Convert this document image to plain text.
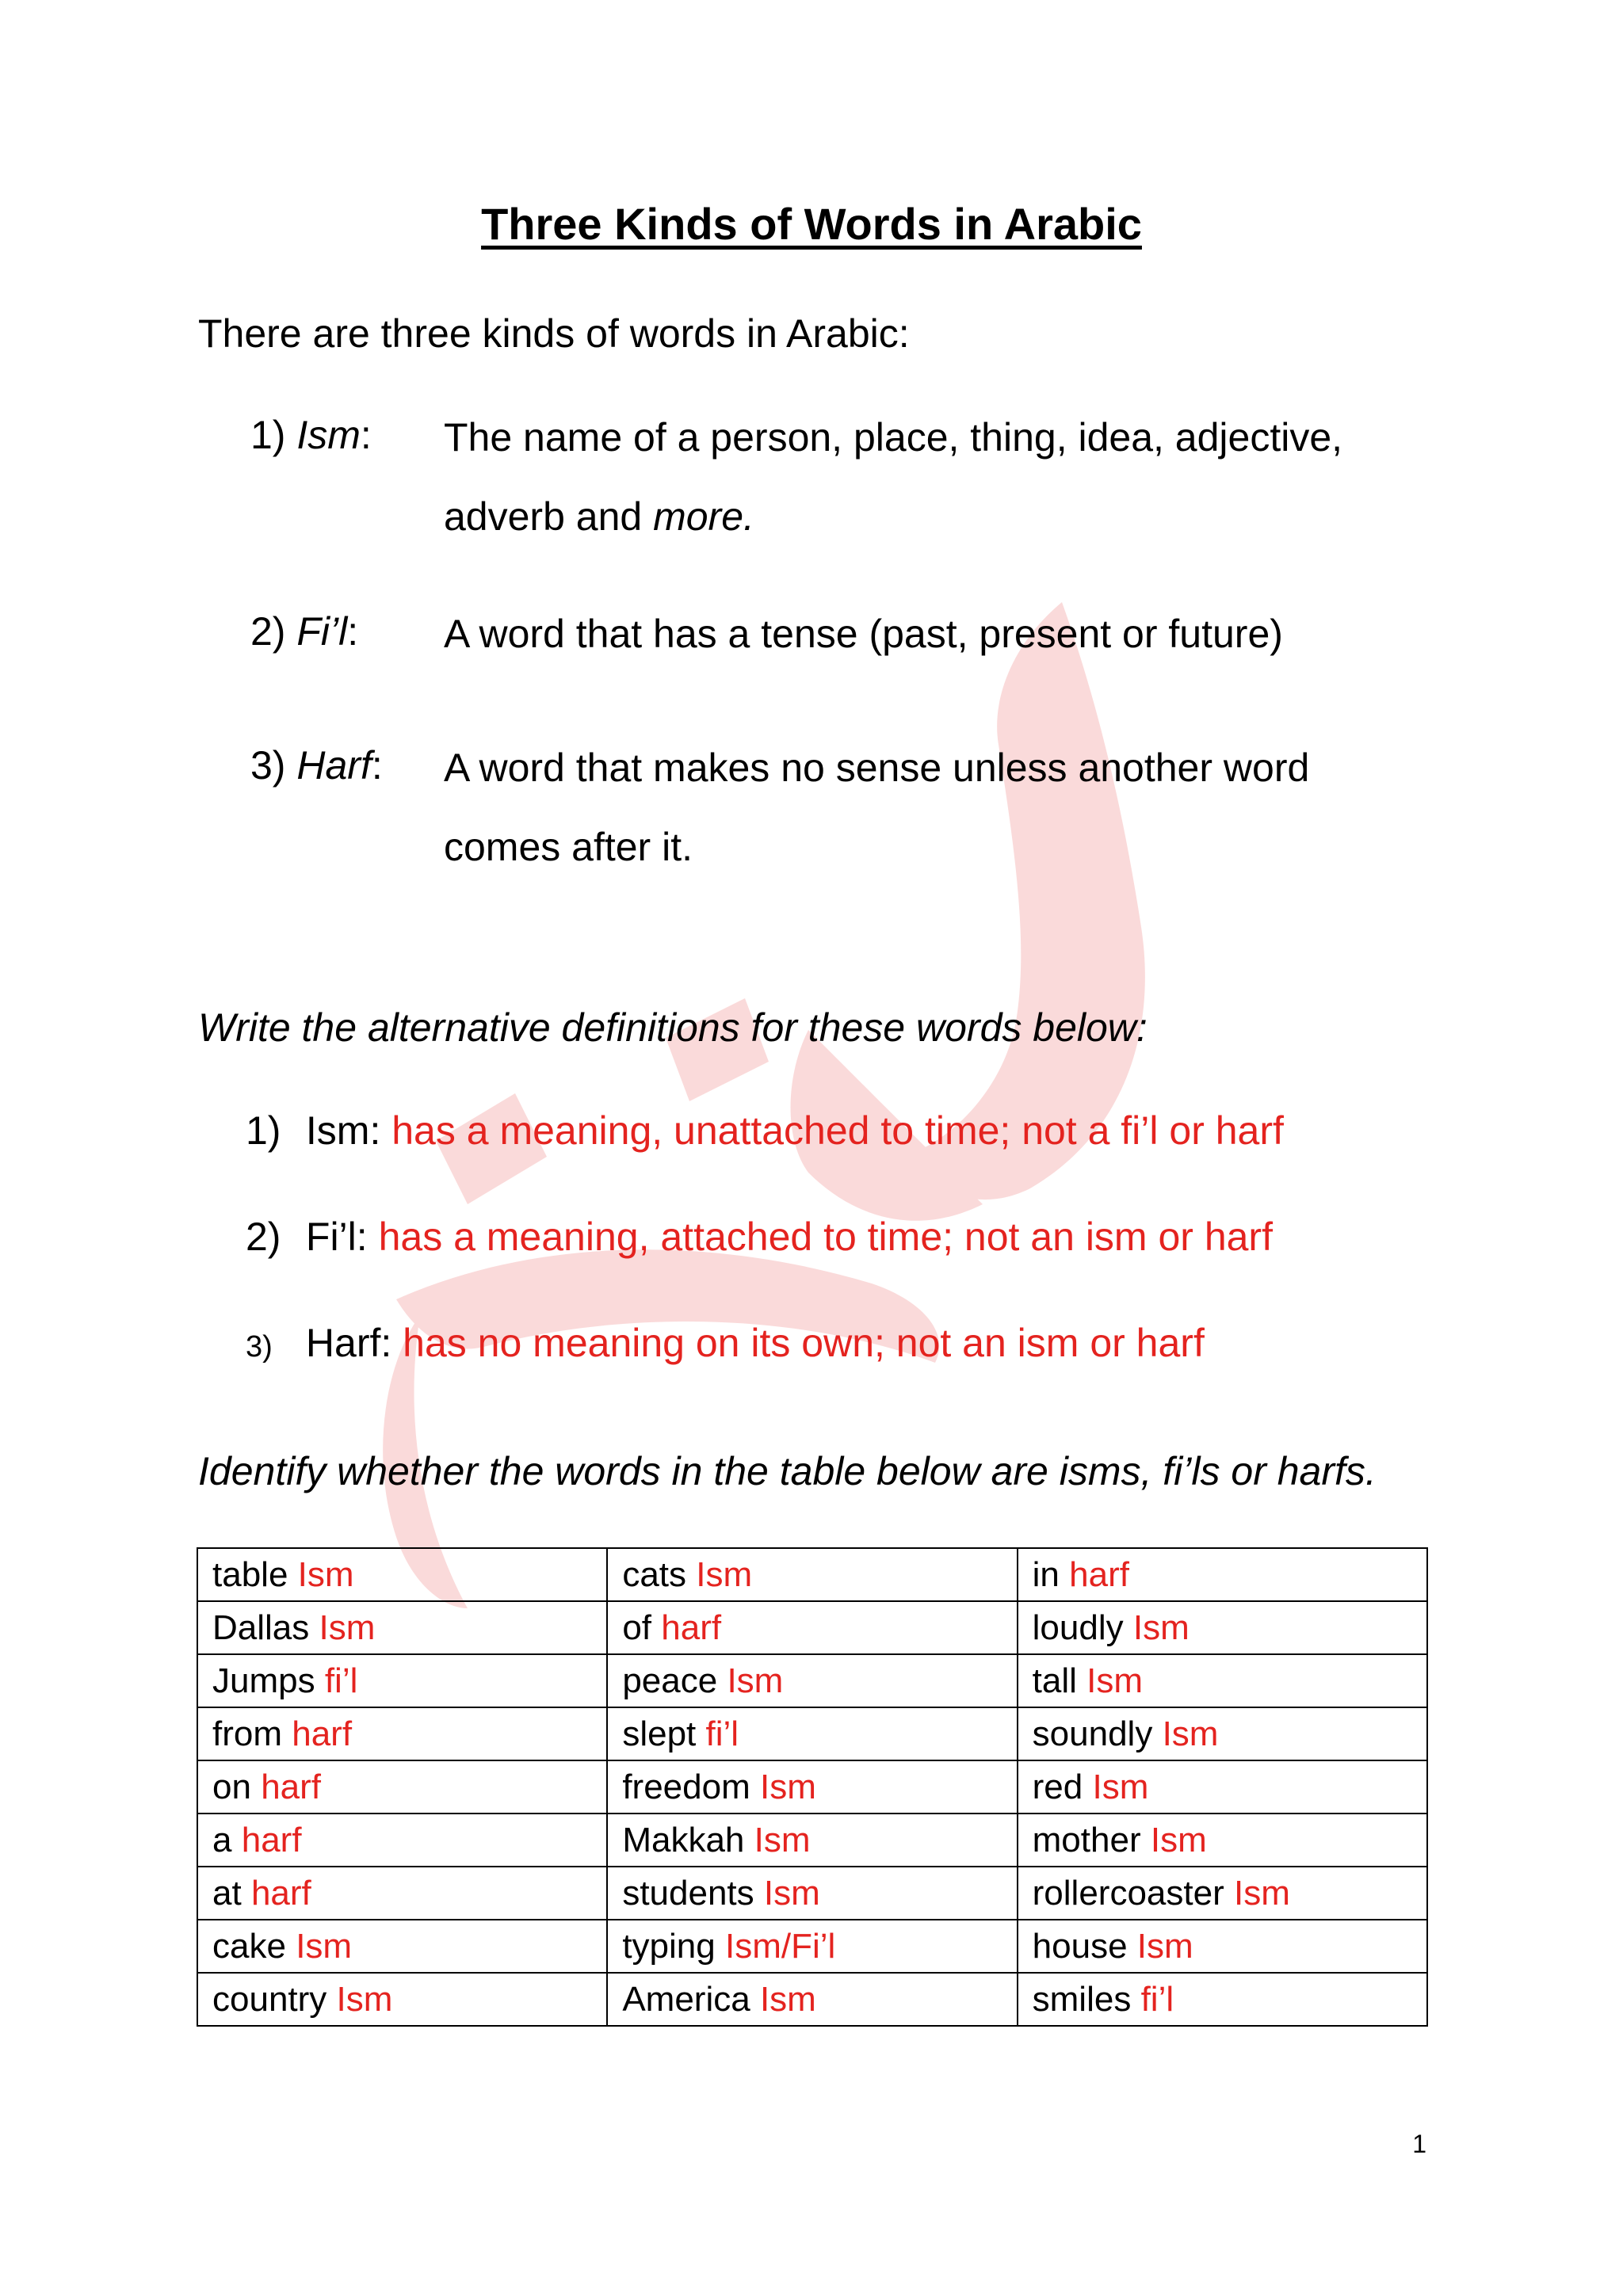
Three Kinds of Words in Arabic
There are three kinds of words in Arabic:
1) Ism: The name of a person, place, thing, idea, adjective,
adverb and more.
2) Fi’l: A word that has a tense (past, present or future)
3) Harf: A word that makes no sense unless another word
comes after it.
Write the alternative definitions for these words below:
1) Ism: has a meaning, unattached to time; not a fi’l or harf
2) Fi’l: has a meaning, attached to time; not an ism or harf
3) Harf: has no meaning on its own; not an ism or harf
Identify whether the words in the table below are isms, fi’ls or harfs.
table Ism	cats Ism	in harf
Dallas Ism	of harf	loudly Ism
Jumps fi’l	peace Ism	tall Ism
from harf	slept fi’l	soundly Ism
on harf	freedom Ism	red Ism
a harf	Makkah Ism	mother Ism
at harf	students Ism	rollercoaster Ism
cake Ism	typing Ism/Fi’l	house Ism
country Ism	America Ism	smiles fi’l
1
